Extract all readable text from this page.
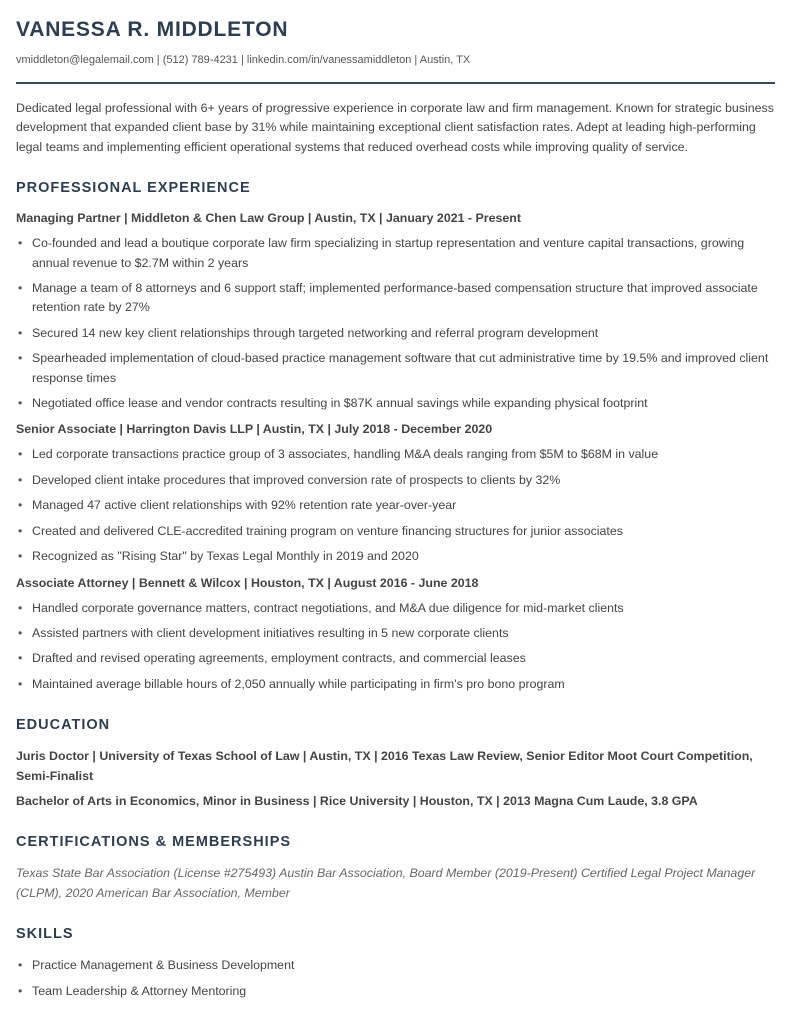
VANESSA R. MIDDLETON
vmiddleton@legalemail.com | (512) 789-4231 | linkedin.com/in/vanessamiddleton | Austin, TX
Dedicated legal professional with 6+ years of progressive experience in corporate law and firm management. Known for strategic business development that expanded client base by 31% while maintaining exceptional client satisfaction rates. Adept at leading high-performing legal teams and implementing efficient operational systems that reduced overhead costs while improving quality of service.
PROFESSIONAL EXPERIENCE
Managing Partner | Middleton & Chen Law Group | Austin, TX | January 2021 - Present
• Co-founded and lead a boutique corporate law firm specializing in startup representation and venture capital transactions, growing annual revenue to $2.7M within 2 years
• Manage a team of 8 attorneys and 6 support staff; implemented performance-based compensation structure that improved associate retention rate by 27%
• Secured 14 new key client relationships through targeted networking and referral program development
• Spearheaded implementation of cloud-based practice management software that cut administrative time by 19.5% and improved client response times
• Negotiated office lease and vendor contracts resulting in $87K annual savings while expanding physical footprint
Senior Associate | Harrington Davis LLP | Austin, TX | July 2018 - December 2020
• Led corporate transactions practice group of 3 associates, handling M&A deals ranging from $5M to $68M in value
• Developed client intake procedures that improved conversion rate of prospects to clients by 32%
• Managed 47 active client relationships with 92% retention rate year-over-year
• Created and delivered CLE-accredited training program on venture financing structures for junior associates
• Recognized as "Rising Star" by Texas Legal Monthly in 2019 and 2020
Associate Attorney | Bennett & Wilcox | Houston, TX | August 2016 - June 2018
• Handled corporate governance matters, contract negotiations, and M&A due diligence for mid-market clients
• Assisted partners with client development initiatives resulting in 5 new corporate clients
• Drafted and revised operating agreements, employment contracts, and commercial leases
• Maintained average billable hours of 2,050 annually while participating in firm's pro bono program
EDUCATION
Juris Doctor | University of Texas School of Law | Austin, TX | 2016 Texas Law Review, Senior Editor Moot Court Competition, Semi-Finalist
Bachelor of Arts in Economics, Minor in Business | Rice University | Houston, TX | 2013 Magna Cum Laude, 3.8 GPA
CERTIFICATIONS & MEMBERSHIPS
Texas State Bar Association (License #275493) Austin Bar Association, Board Member (2019-Present) Certified Legal Project Manager (CLPM), 2020 American Bar Association, Member
SKILLS
• Practice Management & Business Development
• Team Leadership & Attorney Mentoring
